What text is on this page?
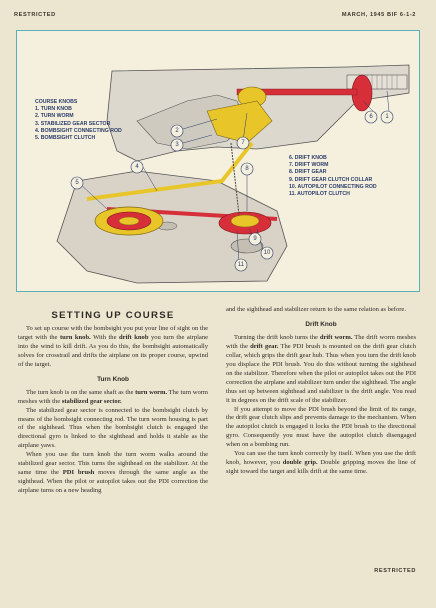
RESTRICTED	MARCH, 1945 BIF 6-1-2
1
6
2
3
4
5
7
8
9
10
11
COURSE KNOBS
1. TURN KNOB
2. TURN WORM
3. STABILIZED GEAR SECTOR
4. BOMBSIGHT CONNECTING ROD
5. BOMBSIGHT CLUTCH
6. DRIFT KNOB
7. DRIFT WORM
8. DRIFT GEAR
9. DRIFT GEAR CLUTCH COLLAR
10. AUTOPILOT CONNECTING ROD
11. AUTOPILOT CLUTCH
SETTING UP COURSE

To set up course with the bombsight you put your line of sight on the target with the turn knob. With the drift knob you turn the airplane into the wind to kill drift. As you do this, the bombsight automatically solves for crosstrail and drifts the airplane on its proper course, upwind of the target.

Turn Knob

The turn knob is on the same shaft as the turn worm. The turn worm meshes with the stabilized gear sector.

The stabilized gear sector is connected to the bombsight clutch by means of the bombsight connecting rod. The turn worm housing is part of the sighthead. Thus when the bombsight clutch is engaged the directional gyro is linked to the sighthead and holds it stable as the airplane yaws.

When you use the turn knob the turn worm walks around the stabilized gear sector. This turns the sighthead on the stabilizer. At the same time the PDI brush moves through the same angle as the sighthead. When the pilot or autopilot takes out the PDI correction the airplane turns on a new heading

and the sighthead and stabilizer return to the same relation as before.

Drift Knob

Turning the drift knob turns the drift worm. The drift worm meshes with the drift gear. The PDI brush is mounted on the drift gear clutch collar, which grips the drift gear hub. Thus when you turn the drift knob you displace the PDI brush. You do this without turning the sighthead on the stabilizer. Therefore when the pilot or autopilot takes out the PDI correction the airplane and stabilizer turn under the sighthead. The angle thus set up between sighthead and stabilizer is the drift angle. You read it in degrees on the drift scale of the stabilizer.

If you attempt to move the PDI brush beyond the limit of its range, the drift gear clutch slips and prevents damage to the mechanism. When the autopilot clutch is engaged it locks the PDI brush to the directional gyro. Consequently you must have the autopilot clutch disengaged when on a bombing run.

You can use the turn knob correctly by itself. When you use the drift knob, however, you double grip. Double gripping moves the line of sight toward the target and kills drift at the same time.

RESTRICTED
